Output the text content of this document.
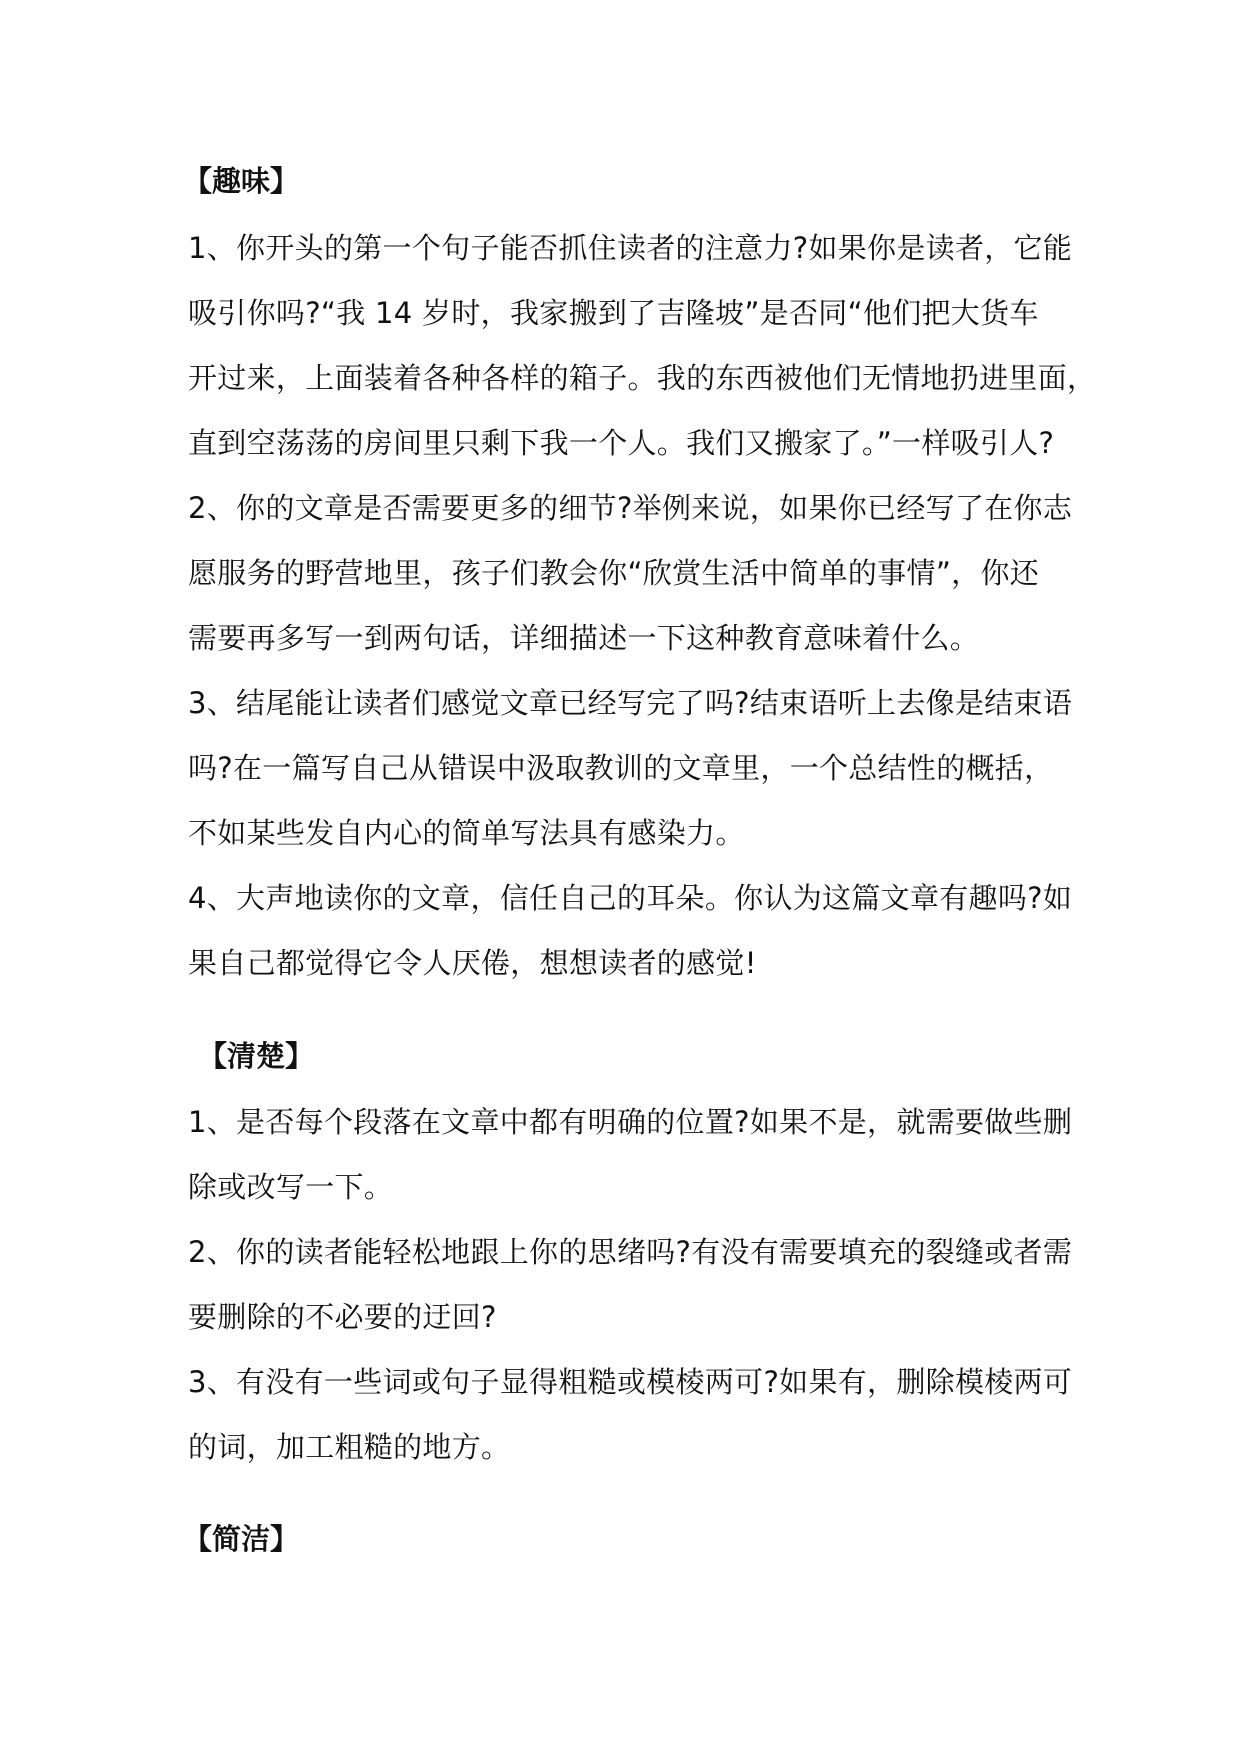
【趣味】
1、你开头的第一个句子能否抓住读者的注意力?如果你是读者，它能
吸引你吗?“我 14 岁时，我家搬到了吉隆坡”是否同“他们把大货车
开过来，上面装着各种各样的箱子。我的东西被他们无情地扔进里面，
直到空荡荡的房间里只剩下我一个人。我们又搬家了。”一样吸引人?
2、你的文章是否需要更多的细节?举例来说，如果你已经写了在你志
愿服务的野营地里，孩子们教会你“欣赏生活中简单的事情”，你还
需要再多写一到两句话，详细描述一下这种教育意味着什么。
3、结尾能让读者们感觉文章已经写完了吗?结束语听上去像是结束语
吗?在一篇写自己从错误中汲取教训的文章里，一个总结性的概括，
不如某些发自内心的简单写法具有感染力。
4、大声地读你的文章，信任自己的耳朵。你认为这篇文章有趣吗?如
果自己都觉得它令人厌倦，想想读者的感觉!
【清楚】
1、是否每个段落在文章中都有明确的位置?如果不是，就需要做些删
除或改写一下。
2、你的读者能轻松地跟上你的思绪吗?有没有需要填充的裂缝或者需
要删除的不必要的迂回?
3、有没有一些词或句子显得粗糙或模棱两可?如果有，删除模棱两可
的词，加工粗糙的地方。
【简洁】
